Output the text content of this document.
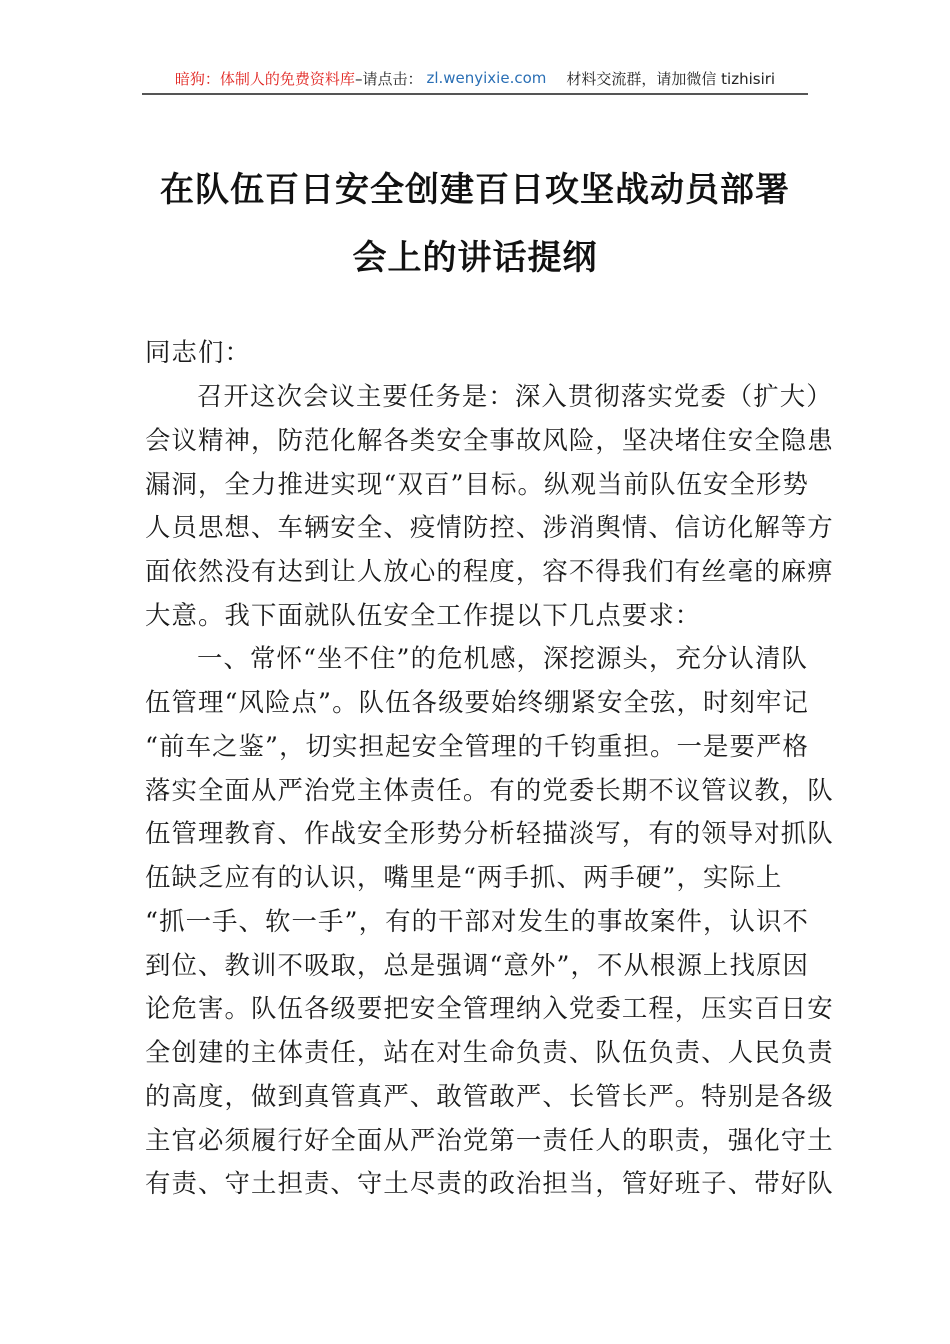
暗狗：体制人的免费资料库 –请点击： zl.wenyixie.com 材料交流群，请加微信 tizhisiri
在队伍百日安全创建百日攻坚战动员部署
会上的讲话提纲
同志们：
召开这次会议主要任务是：深入贯彻落实党委（扩大）
会议精神，防范化解各类安全事故风险，坚决堵住安全隐患
漏洞，全力推进实现“双百”目标。纵观当前队伍安全形势
人员思想、车辆安全、疫情防控、涉消舆情、信访化解等方
面依然没有达到让人放心的程度，容不得我们有丝毫的麻痹
大意。我下面就队伍安全工作提以下几点要求：
一、常怀“坐不住”的危机感，深挖源头，充分认清队
伍管理“风险点”。队伍各级要始终绷紧安全弦，时刻牢记
“前车之鉴”，切实担起安全管理的千钧重担。一是要严格
落实全面从严治党主体责任。有的党委长期不议管议教，队
伍管理教育、作战安全形势分析轻描淡写，有的领导对抓队
伍缺乏应有的认识，嘴里是“两手抓、两手硬”，实际上
“抓一手、软一手”，有的干部对发生的事故案件，认识不
到位、教训不吸取，总是强调“意外”，不从根源上找原因
论危害。队伍各级要把安全管理纳入党委工程，压实百日安
全创建的主体责任，站在对生命负责、队伍负责、人民负责
的高度，做到真管真严、敢管敢严、长管长严。特别是各级
主官必须履行好全面从严治党第一责任人的职责，强化守土
有责、守土担责、守土尽责的政治担当，管好班子、带好队
